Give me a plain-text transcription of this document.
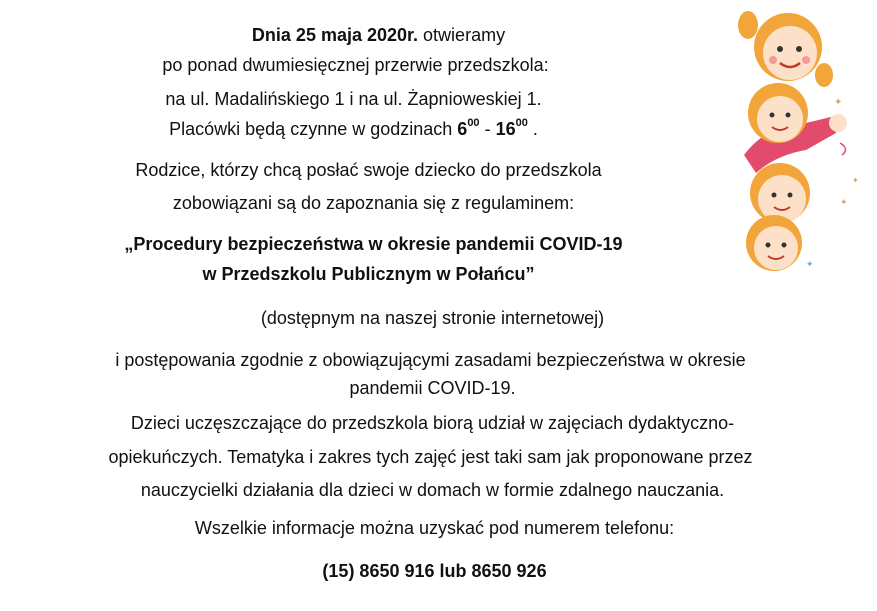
Dnia 25 maja 2020r. otwieramy
po ponad dwumiesięcznej przerwie przedszkola:
na ul. Madalińskiego 1 i na ul. Żapnioweskiej 1.
Placówki będą czynne w godzinach $6^{00} - 16^{00}$ .
Rodzice, którzy chcą posłać swoje dziecko do przedszkola
zobowiązani są do zapoznania się z regulaminem:
„Procedury bezpieczeństwa w okresie pandemii COVID-19
w Przedszkolu Publicznym w Połańcu”
(dostępnym na naszej stronie internetowej)
i postępowania zgodnie z obowiązującymi zasadami bezpieczeństwa w okresie
pandemii COVID-19.
Dzieci uczęszczające do przedszkola biorą udział w zajęciach dydaktyczno-
opiekuńczych. Tematyka i zakres tych zajęć jest taki sam jak proponowane przez
nauczycielki działania dla dzieci w domach w formie zdalnego nauczania.
Wszelkie informacje można uzyskać pod numerem telefonu:
(15) 8650 916 lub 8650 926
✦
✦
✦
✦
